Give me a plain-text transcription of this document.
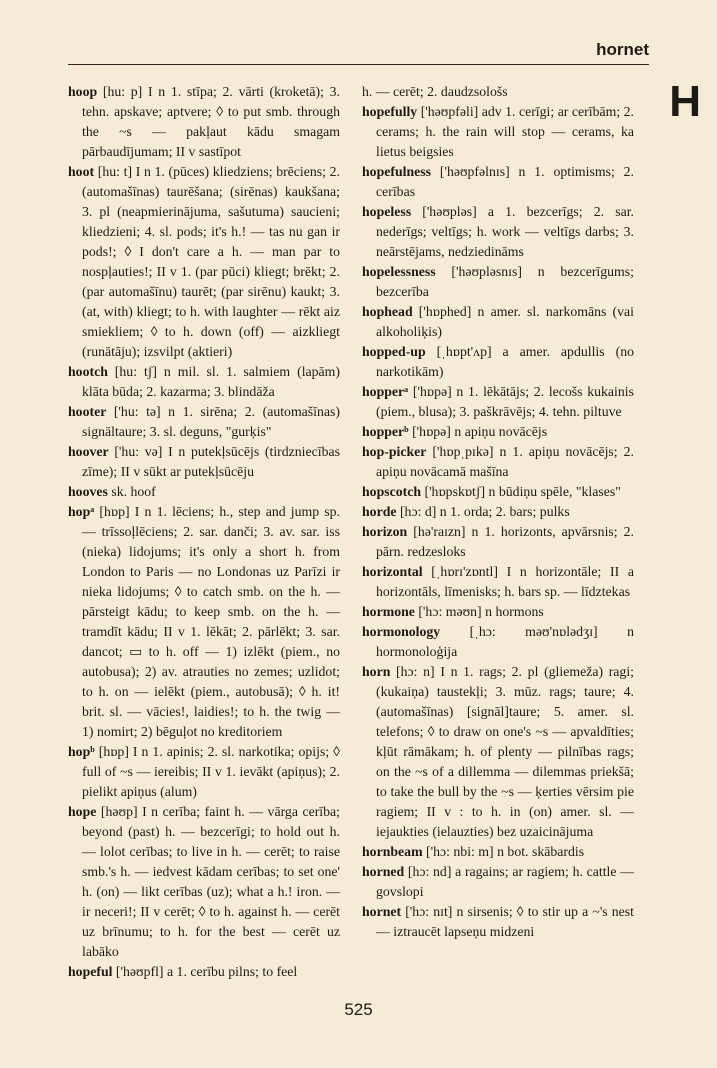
hornet
H

hoop [hu: p] I n 1. stīpa; 2. vārti (kroketā); 3. tehn. apskave; aptvere; ◊ to put smb. through the ~s — pakļaut kādu smagam pārbaudījumam; II v sastīpot

hoot [hu: t] I n 1. (pūces) kliedziens; brēciens; 2. (automašīnas) taurēšana; (sirēnas) kaukšana; 3. pl (neapmierinājuma, sašutuma) saucieni; kliedzieni; 4. sl. pods; it's h.! — tas nu gan ir pods!; ◊ I don't care a h. — man par to nospļauties!; II v 1. (par pūci) kliegt; brēkt; 2. (par automašīnu) taurēt; (par sirēnu) kaukt; 3. (at, with) kliegt; to h. with laughter — rēkt aiz smiekliem; ◊ to h. down (off) — aizkliegt (runātāju); izsvilpt (aktieri)

hootch [hu: tʃ] n mil. sl. 1. salmiem (lapām) klāta būda; 2. kazarma; 3. blindāža

hooter ['hu: tə] n 1. sirēna; 2. (automašīnas) signāltaure; 3. sl. deguns, "gurķis"

hoover ['hu: və] I n putekļsūcējs (tirdzniecības zīme); II v sūkt ar putekļsūcēju

hooves sk. hoof

hopᵃ [hɒp] I n 1. lēciens; h., step and jump sp. — trīssoļlēciens; 2. sar. danči; 3. av. sar. iss (nieka) lidojums; it's only a short h. from London to Paris — no Londonas uz Parīzi ir nieka lidojums; ◊ to catch smb. on the h. — pārsteigt kādu; to keep smb. on the h. — tramdīt kādu; II v 1. lēkāt; 2. pārlēkt; 3. sar. dancot; ▭ to h. off — 1) izlēkt (piem., no autobusa); 2) av. atrauties no zemes; uzlidot; to h. on — ielēkt (piem., autobusā); ◊ h. it! brit. sl. — vācies!, laidies!; to h. the twig — 1) nomirt; 2) bēguļot no kreditoriem

hopᵇ [hɒp] I n 1. apinis; 2. sl. narkotika; opijs; ◊ full of ~s — iereibis; II v 1. ievākt (apiņus); 2. pielikt apiņus (alum)

hope [həʊp] I n cerība; faint h. — vārga cerība; beyond (past) h. — bezcerīgi; to hold out h. — lolot cerības; to live in h. — cerēt; to raise smb.'s h. — iedvest kādam cerības; to set one' h. (on) — likt cerības (uz); what a h.! iron. — ir neceri!; II v cerēt; ◊ to h. against h. — cerēt uz brīnumu; to h. for the best — cerēt uz labāko

hopeful ['həʊpfl] a 1. cerību pilns; to feel

h. — cerēt; 2. daudzsološs

hopefully ['həʊpfəli] adv 1. cerīgi; ar cerībām; 2. cerams; h. the rain will stop — cerams, ka lietus beigsies

hopefulness ['həʊpfəlnɪs] n 1. optimisms; 2. cerības

hopeless ['həʊpləs] a 1. bezcerīgs; 2. sar. nederīgs; veltīgs; h. work — veltīgs darbs; 3. neārstējams, nedziedināms

hopelessness ['həʊpləsnɪs] n bezcerīgums; bezcerība

hophead ['hɒphed] n amer. sl. narkomāns (vai alkoholiķis)

hopped-up [ˌhɒpt'ʌp] a amer. apdullis (no narkotikām)

hopperᵃ ['hɒpə] n 1. lēkātājs; 2. lecošs kukainis (piem., blusa); 3. paškrāvējs; 4. tehn. piltuve

hopperᵇ ['hɒpə] n apiņu novācējs

hop-picker ['hɒpˌpɪkə] n 1. apiņu novācējs; 2. apiņu novācamā mašīna

hopscotch ['hɒpskɒtʃ] n būdiņu spēle, "klases"

horde [hɔ: d] n 1. orda; 2. bars; pulks

horizon [hə'raɪzn] n 1. horizonts, apvārsnis; 2. pārn. redzesloks

horizontal [ˌhɒrɪ'zɒntl] I n horizontāle; II a horizontāls, līmenisks; h. bars sp. — līdztekas

hormone ['hɔ: məʊn] n hormons

hormonology [ˌhɔ: məʊ'nɒlədʒɪ] n hormonoloģija

horn [hɔ: n] I n 1. rags; 2. pl (gliemeža) ragi; (kukaiņa) taustekļi; 3. mūz. rags; taure; 4. (automašīnas) [signāl]taure; 5. amer. sl. telefons; ◊ to draw on one's ~s — apvaldīties; kļūt rāmākam; h. of plenty — pilnības rags; on the ~s of a dillemma — dilemmas priekšā; to take the bull by the ~s — ķerties vērsim pie ragiem; II v : to h. in (on) amer. sl. — iejaukties (ielauzties) bez uzaicinājuma

hornbeam ['hɔ: nbi: m] n bot. skābardis

horned [hɔ: nd] a ragains; ar ragiem; h. cattle — govslopi

hornet ['hɔ: nɪt] n sirsenis; ◊ to stir up a ~'s nest — iztraucēt lapseņu midzeni

525
